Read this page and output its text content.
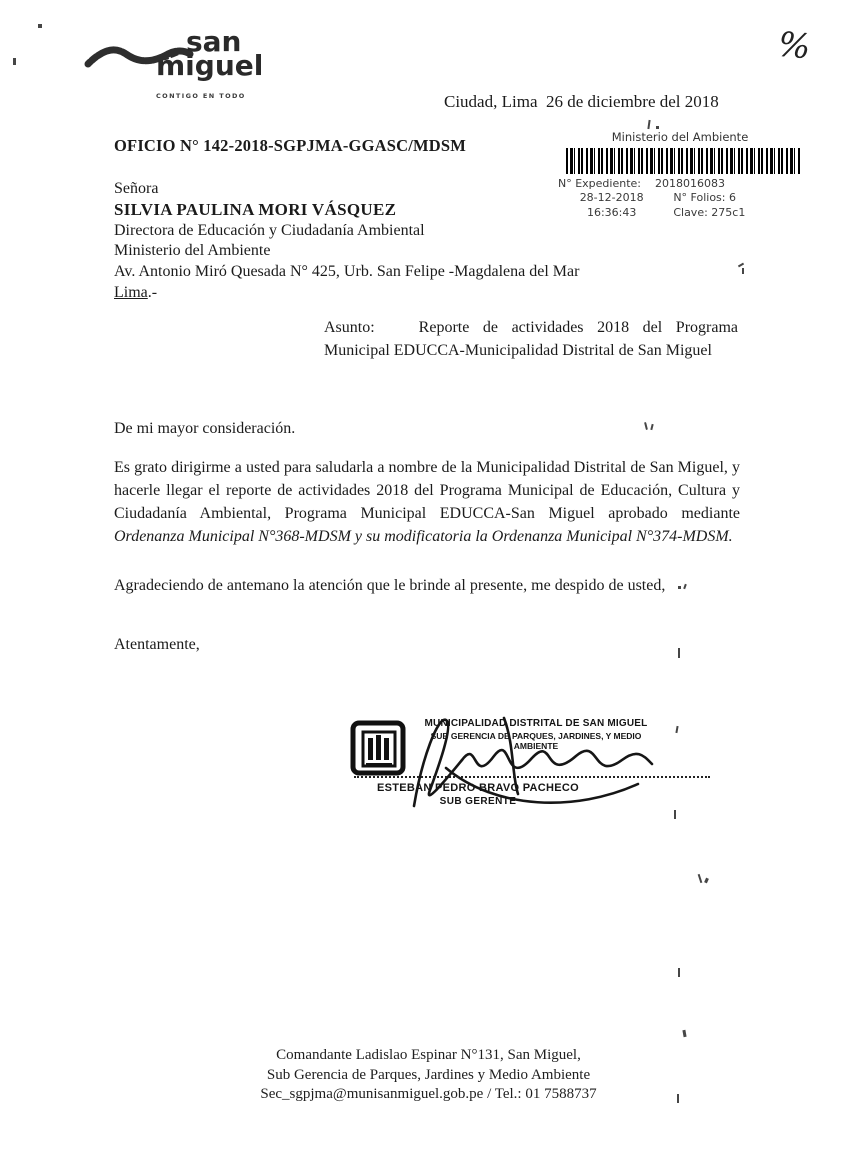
san
miguel
CONTIGO EN TODO
%
Ciudad, Lima  26 de diciembre del 2018
OFICIO N° 142-2018-SGPJMA-GGASC/MDSM	Ministerio del Ambiente
N° Expediente: 2018016083
28-12-2018	N° Folios: 6
16:36:43	Clave: 275c1
Señora
SILVIA PAULINA MORI VÁSQUEZ
Directora de Educación y Ciudadanía Ambiental
Ministerio del Ambiente
Av. Antonio Miró Quesada N° 425, Urb. San Felipe -Magdalena del Mar
Lima.-
Asunto:	Reporte de actividades 2018 del Programa Municipal EDUCCA-Municipalidad Distrital de San Miguel
De mi mayor consideración.
Es grato dirigirme a usted para saludarla a nombre de la Municipalidad Distrital de San Miguel, y hacerle llegar el reporte de actividades 2018 del Programa Municipal de Educación, Cultura y Ciudadanía Ambiental, Programa Municipal EDUCCA-San Miguel aprobado mediante Ordenanza Municipal N°368-MDSM y su modificatoria la Ordenanza Municipal N°374-MDSM.
Agradeciendo de antemano la atención que le brinde al presente, me despido de usted,
Atentamente,
MUNICIPALIDAD DISTRITAL DE SAN MIGUEL
SUB GERENCIA DE PARQUES, JARDINES, Y MEDIO AMBIENTE
ESTEBAN PEDRO BRAVO PACHECO
SUB GERENTE
Comandante Ladislao Espinar N°131, San Miguel,
Sub Gerencia de Parques, Jardines y Medio Ambiente
Sec_sgpjma@munisanmiguel.gob.pe / Tel.: 01 7588737
